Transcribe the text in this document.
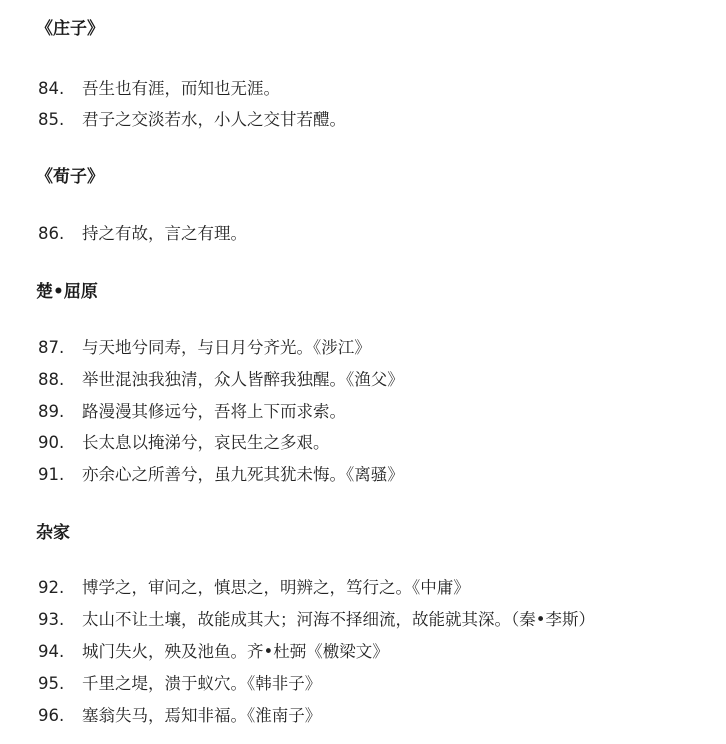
《庄子》
84. 吾生也有涯，而知也无涯。
85. 君子之交淡若水，小人之交甘若醴。
《荀子》
86. 持之有故，言之有理。
楚•屈原
87. 与天地兮同寿，与日月兮齐光。《涉江》
88. 举世混浊我独清，众人皆醉我独醒。《渔父》
89. 路漫漫其修远兮，吾将上下而求索。
90. 长太息以掩涕兮，哀民生之多艰。
91. 亦余心之所善兮，虽九死其犹未悔。《离骚》
杂家
92. 博学之，审问之，慎思之，明辨之，笃行之。《中庸》
93. 太山不让土壤，故能成其大；河海不择细流，故能就其深。（秦•李斯）
94. 城门失火，殃及池鱼。齐•杜弼《檄梁文》
95. 千里之堤，溃于蚁穴。《韩非子》
96. 塞翁失马，焉知非福。《淮南子》
